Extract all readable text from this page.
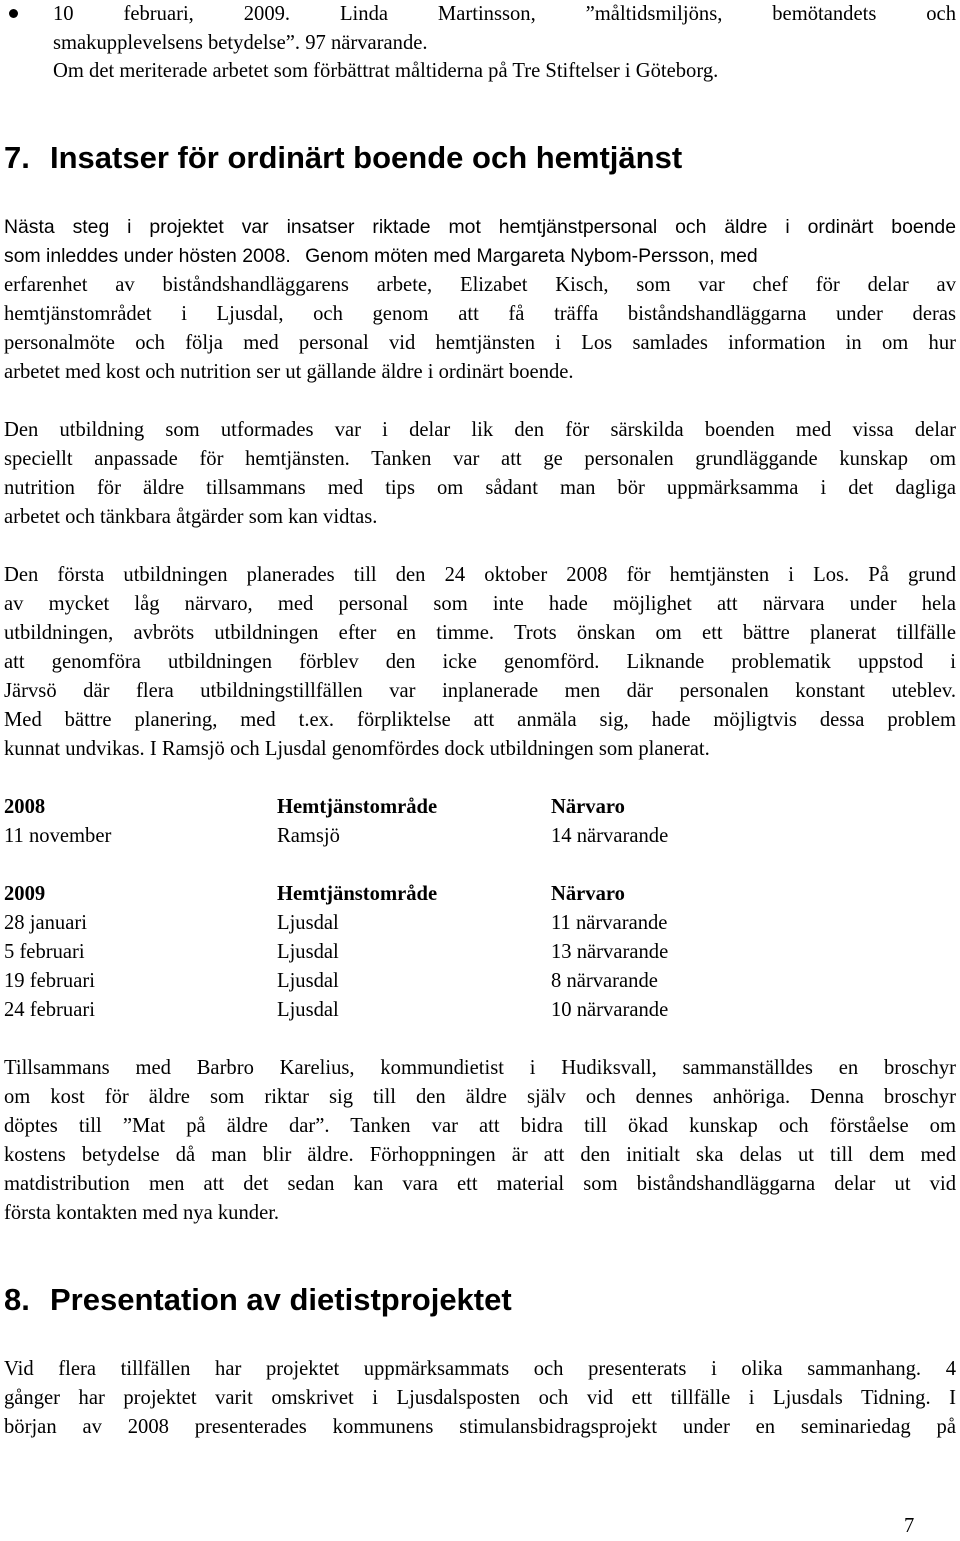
10 februari, 2009. Linda Martinsson, ”måltidsmiljöns, bemötandets och
smakupplevelsens betydelse”. 97 närvarande.
Om det meriterade arbetet som förbättrat måltiderna på Tre Stiftelser i Göteborg.
7. Insatser för ordinärt boende och hemtjänst
Nästa steg i projektet var insatser riktade mot hemtjänstpersonal och äldre i ordinärt boende
som inleddes under hösten 2008. Genom möten med Margareta Nybom-Persson, med
erfarenhet av biståndshandläggarens arbete, Elizabet Kisch, som var chef för delar av
hemtjänstområdet i Ljusdal, och genom att få träffa biståndshandläggarna under deras
personalmöte och följa med personal vid hemtjänsten i Los samlades information in om hur
arbetet med kost och nutrition ser ut gällande äldre i ordinärt boende.
Den utbildning som utformades var i delar lik den för särskilda boenden med vissa delar
speciellt anpassade för hemtjänsten. Tanken var att ge personalen grundläggande kunskap om
nutrition för äldre tillsammans med tips om sådant man bör uppmärksamma i det dagliga
arbetet och tänkbara åtgärder som kan vidtas.
Den första utbildningen planerades till den 24 oktober 2008 för hemtjänsten i Los. På grund
av mycket låg närvaro, med personal som inte hade möjlighet att närvara under hela
utbildningen, avbröts utbildningen efter en timme. Trots önskan om ett bättre planerat tillfälle
att genomföra utbildningen förblev den icke genomförd. Liknande problematik uppstod i
Järvsö där flera utbildningstillfällen var inplanerade men där personalen konstant uteblev.
Med bättre planering, med t.ex. förpliktelse att anmäla sig, hade möjligtvis dessa problem
kunnat undvikas. I Ramsjö och Ljusdal genomfördes dock utbildningen som planerat.
2008	Hemtjänstområde	Närvaro
11 november	Ramsjö	14 närvarande
2009	Hemtjänstområde	Närvaro
28 januari	Ljusdal	11 närvarande
5 februari	Ljusdal	13 närvarande
19 februari	Ljusdal	8 närvarande
24 februari	Ljusdal	10 närvarande
Tillsammans med Barbro Karelius, kommundietist i Hudiksvall, sammanställdes en broschyr
om kost för äldre som riktar sig till den äldre själv och dennes anhöriga. Denna broschyr
döptes till ”Mat på äldre dar”. Tanken var att bidra till ökad kunskap och förståelse om
kostens betydelse då man blir äldre. Förhoppningen är att den initialt ska delas ut till dem med
matdistribution men att det sedan kan vara ett material som biståndshandläggarna delar ut vid
första kontakten med nya kunder.
8. Presentation av dietistprojektet
Vid flera tillfällen har projektet uppmärksammats och presenterats i olika sammanhang. 4
gånger har projektet varit omskrivet i Ljusdalsposten och vid ett tillfälle i Ljusdals Tidning. I
början av 2008 presenterades kommunens stimulansbidragsprojekt under en seminariedag på
7
